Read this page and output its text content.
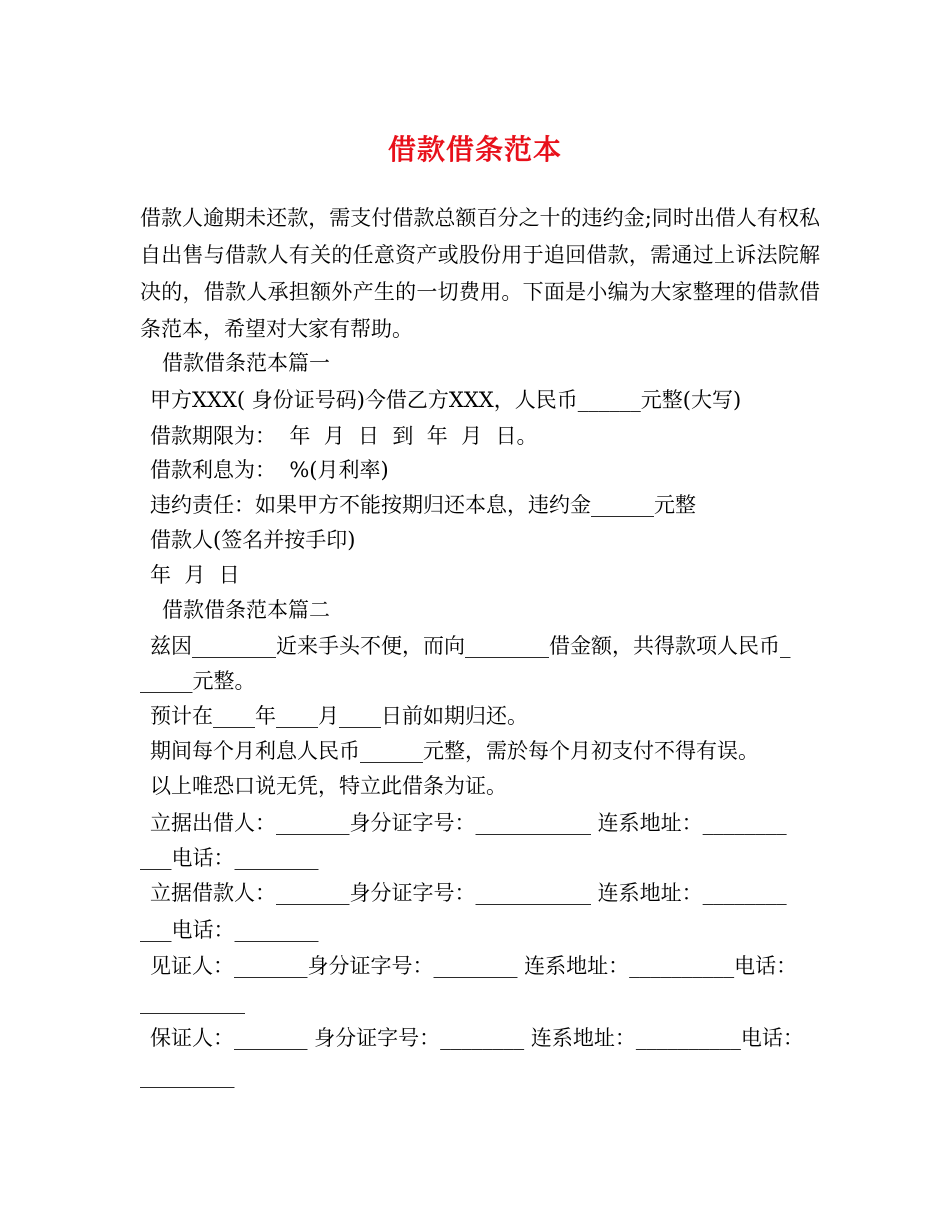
借款借条范本
借款人逾期未还款，需支付借款总额百分之十的违约金;同时出借人有权私自出售与借款人有关的任意资产或股份用于追回借款，需通过上诉法院解决的，借款人承担额外产生的一切费用。下面是小编为大家整理的借款借条范本，希望对大家有帮助。
借款借条范本篇一
甲方XXX( 身份证号码)今借乙方XXX，人民币______元整(大写)
借款期限为：  年  月  日  到  年  月  日。
借款利息为：  %(月利率)
违约责任：如果甲方不能按期归还本息，违约金______元整
借款人(签名并按手印)
年  月  日
借款借条范本篇二
兹因________近来手头不便，而向________借金额，共得款项人民币_
_____元整。
预计在____年____月____日前如期归还。
期间每个月利息人民币______元整，需於每个月初支付不得有误。
以上唯恐口说无凭，特立此借条为证。
立据出借人：_______身分证字号：___________ 连系地址：________
___电话：________
立据借款人：_______身分证字号：___________ 连系地址：________
___电话：________
见证人：_______身分证字号：________ 连系地址：__________电话：
__________
保证人：_______ 身分证字号：________ 连系地址：__________电话：
_________
